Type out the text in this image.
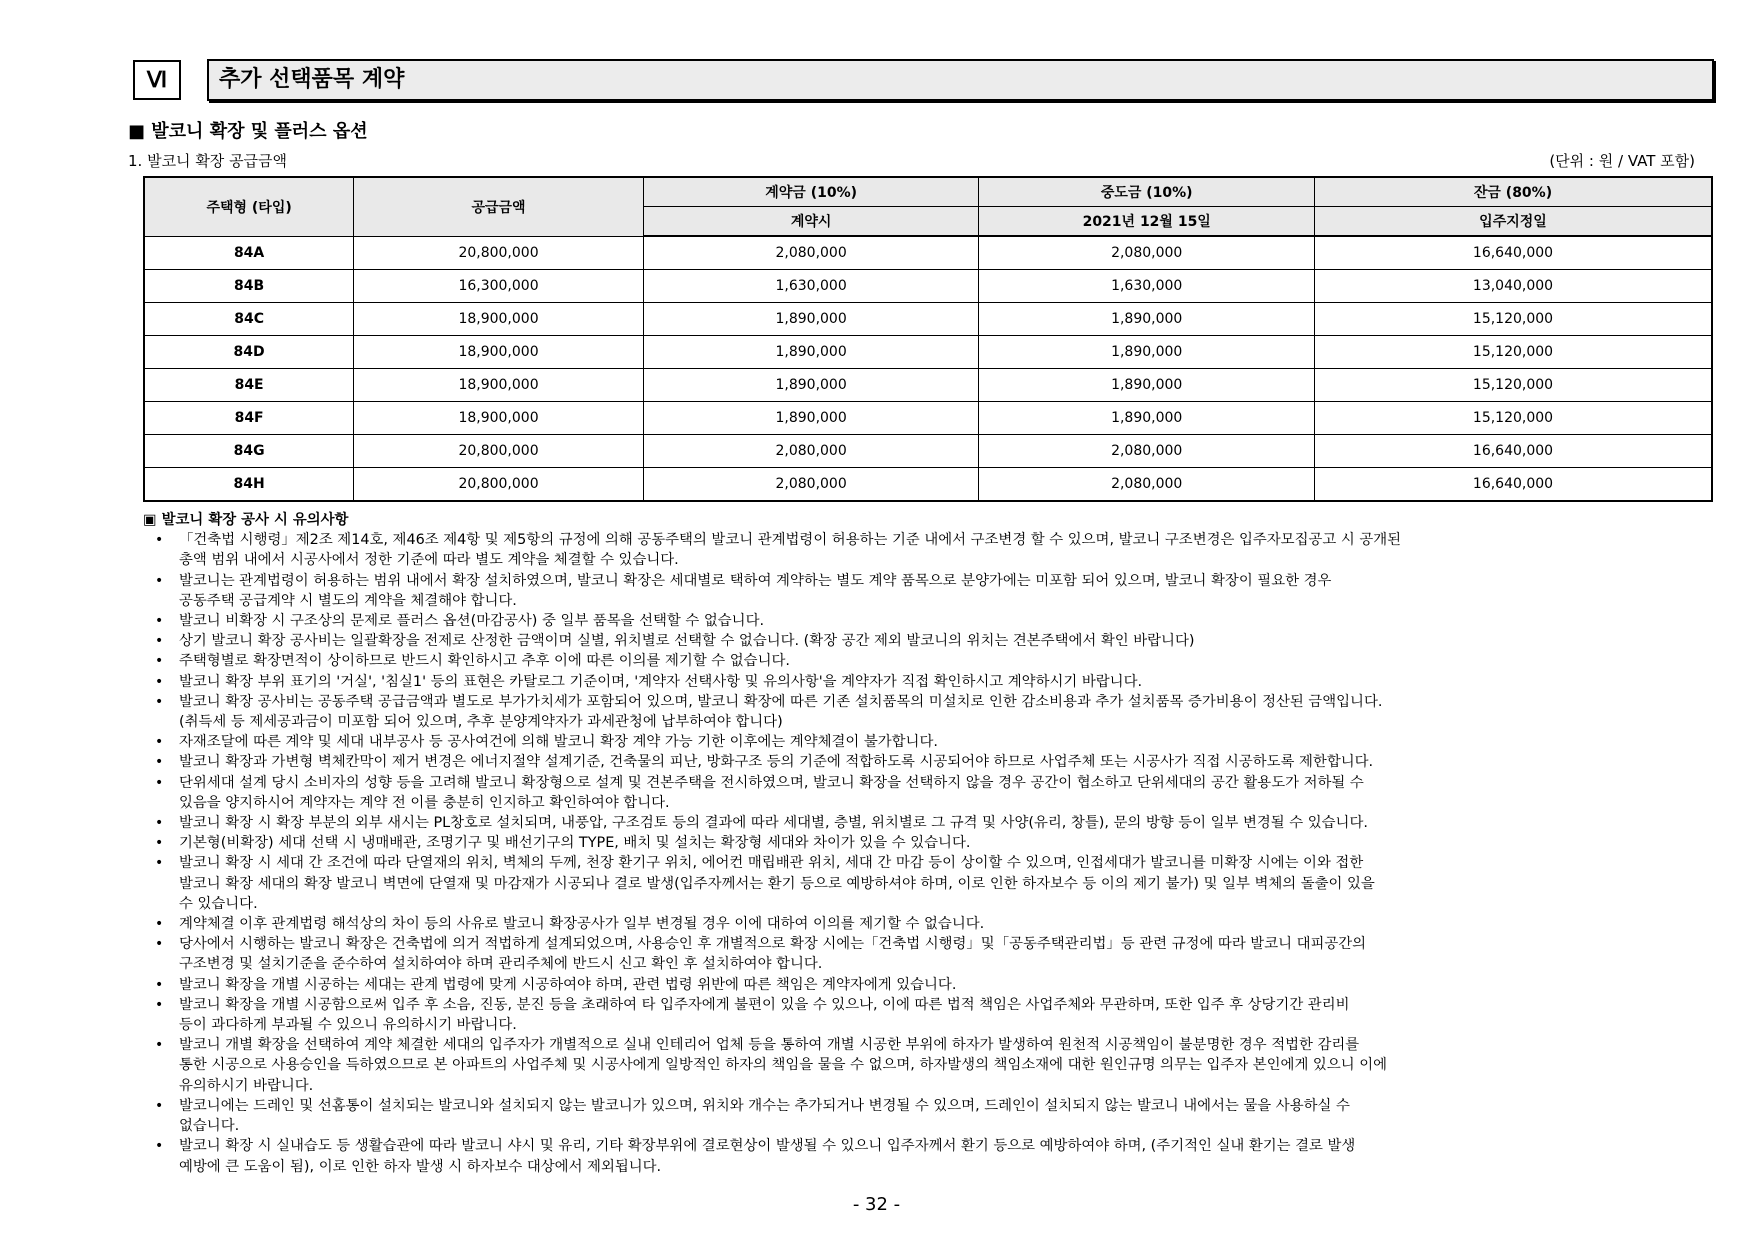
Ⅵ	추가 선택품목 계약
■ 발코니 확장 및 플러스 옵션
1. 발코니 확장 공급금액	(단위 : 원 / VAT 포함)
주택형 (타입)	공급금액	계약금 (10%)	중도금 (10%)	잔금 (80%)
		계약시	2021년 12월 15일	입주지정일
84A	20,800,000	2,080,000	2,080,000	16,640,000
84B	16,300,000	1,630,000	1,630,000	13,040,000
84C	18,900,000	1,890,000	1,890,000	15,120,000
84D	18,900,000	1,890,000	1,890,000	15,120,000
84E	18,900,000	1,890,000	1,890,000	15,120,000
84F	18,900,000	1,890,000	1,890,000	15,120,000
84G	20,800,000	2,080,000	2,080,000	16,640,000
84H	20,800,000	2,080,000	2,080,000	16,640,000
▣ 발코니 확장 공사 시 유의사항
• 「건축법 시행령」제2조 제14호, 제46조 제4항 및 제5항의 규정에 의해 공동주택의 발코니 관계법령이 허용하는 기준 내에서 구조변경 할 수 있으며, 발코니 구조변경은 입주자모집공고 시 공개된
총액 범위 내에서 시공사에서 정한 기준에 따라 별도 계약을 체결할 수 있습니다.
• 발코니는 관계법령이 허용하는 범위 내에서 확장 설치하였으며, 발코니 확장은 세대별로 택하여 계약하는 별도 계약 품목으로 분양가에는 미포함 되어 있으며, 발코니 확장이 필요한 경우
공동주택 공급계약 시 별도의 계약을 체결해야 합니다.
• 발코니 비확장 시 구조상의 문제로 플러스 옵션(마감공사) 중 일부 품목을 선택할 수 없습니다.
• 상기 발코니 확장 공사비는 일괄확장을 전제로 산정한 금액이며 실별, 위치별로 선택할 수 없습니다. (확장 공간 제외 발코니의 위치는 견본주택에서 확인 바랍니다)
• 주택형별로 확장면적이 상이하므로 반드시 확인하시고 추후 이에 따른 이의를 제기할 수 없습니다.
• 발코니 확장 부위 표기의 '거실', '침실1' 등의 표현은 카탈로그 기준이며, '계약자 선택사항 및 유의사항'을 계약자가 직접 확인하시고 계약하시기 바랍니다.
• 발코니 확장 공사비는 공동주택 공급금액과 별도로 부가가치세가 포함되어 있으며, 발코니 확장에 따른 기존 설치품목의 미설치로 인한 감소비용과 추가 설치품목 증가비용이 정산된 금액입니다.
(취득세 등 제세공과금이 미포함 되어 있으며, 추후 분양계약자가 과세관청에 납부하여야 합니다)
• 자재조달에 따른 계약 및 세대 내부공사 등 공사여건에 의해 발코니 확장 계약 가능 기한 이후에는 계약체결이 불가합니다.
• 발코니 확장과 가변형 벽체칸막이 제거 변경은 에너지절약 설계기준, 건축물의 피난, 방화구조 등의 기준에 적합하도록 시공되어야 하므로 사업주체 또는 시공사가 직접 시공하도록 제한합니다.
• 단위세대 설계 당시 소비자의 성향 등을 고려해 발코니 확장형으로 설계 및 견본주택을 전시하였으며, 발코니 확장을 선택하지 않을 경우 공간이 협소하고 단위세대의 공간 활용도가 저하될 수
있음을 양지하시어 계약자는 계약 전 이를 충분히 인지하고 확인하여야 합니다.
• 발코니 확장 시 확장 부분의 외부 새시는 PL창호로 설치되며, 내풍압, 구조검토 등의 결과에 따라 세대별, 층별, 위치별로 그 규격 및 사양(유리, 창틀), 문의 방향 등이 일부 변경될 수 있습니다.
• 기본형(비확장) 세대 선택 시 냉매배관, 조명기구 및 배선기구의 TYPE, 배치 및 설치는 확장형 세대와 차이가 있을 수 있습니다.
• 발코니 확장 시 세대 간 조건에 따라 단열재의 위치, 벽체의 두께, 천장 환기구 위치, 에어컨 매립배관 위치, 세대 간 마감 등이 상이할 수 있으며, 인접세대가 발코니를 미확장 시에는 이와 접한
발코니 확장 세대의 확장 발코니 벽면에 단열재 및 마감재가 시공되나 결로 발생(입주자께서는 환기 등으로 예방하셔야 하며, 이로 인한 하자보수 등 이의 제기 불가) 및 일부 벽체의 돌출이 있을
수 있습니다.
• 계약체결 이후 관계법령 해석상의 차이 등의 사유로 발코니 확장공사가 일부 변경될 경우 이에 대하여 이의를 제기할 수 없습니다.
• 당사에서 시행하는 발코니 확장은 건축법에 의거 적법하게 설계되었으며, 사용승인 후 개별적으로 확장 시에는「건축법 시행령」및「공동주택관리법」등 관련 규정에 따라 발코니 대피공간의
구조변경 및 설치기준을 준수하여 설치하여야 하며 관리주체에 반드시 신고 확인 후 설치하여야 합니다.
• 발코니 확장을 개별 시공하는 세대는 관계 법령에 맞게 시공하여야 하며, 관련 법령 위반에 따른 책임은 계약자에게 있습니다.
• 발코니 확장을 개별 시공함으로써 입주 후 소음, 진동, 분진 등을 초래하여 타 입주자에게 불편이 있을 수 있으나, 이에 따른 법적 책임은 사업주체와 무관하며, 또한 입주 후 상당기간 관리비
등이 과다하게 부과될 수 있으니 유의하시기 바랍니다.
• 발코니 개별 확장을 선택하여 계약 체결한 세대의 입주자가 개별적으로 실내 인테리어 업체 등을 통하여 개별 시공한 부위에 하자가 발생하여 원천적 시공책임이 불분명한 경우 적법한 감리를
통한 시공으로 사용승인을 득하였으므로 본 아파트의 사업주체 및 시공사에게 일방적인 하자의 책임을 물을 수 없으며, 하자발생의 책임소재에 대한 원인규명 의무는 입주자 본인에게 있으니 이에
유의하시기 바랍니다.
• 발코니에는 드레인 및 선홈통이 설치되는 발코니와 설치되지 않는 발코니가 있으며, 위치와 개수는 추가되거나 변경될 수 있으며, 드레인이 설치되지 않는 발코니 내에서는 물을 사용하실 수
없습니다.
• 발코니 확장 시 실내습도 등 생활습관에 따라 발코니 샤시 및 유리, 기타 확장부위에 결로현상이 발생될 수 있으니 입주자께서 환기 등으로 예방하여야 하며, (주기적인 실내 환기는 결로 발생
예방에 큰 도움이 됨), 이로 인한 하자 발생 시 하자보수 대상에서 제외됩니다.
- 32 -
